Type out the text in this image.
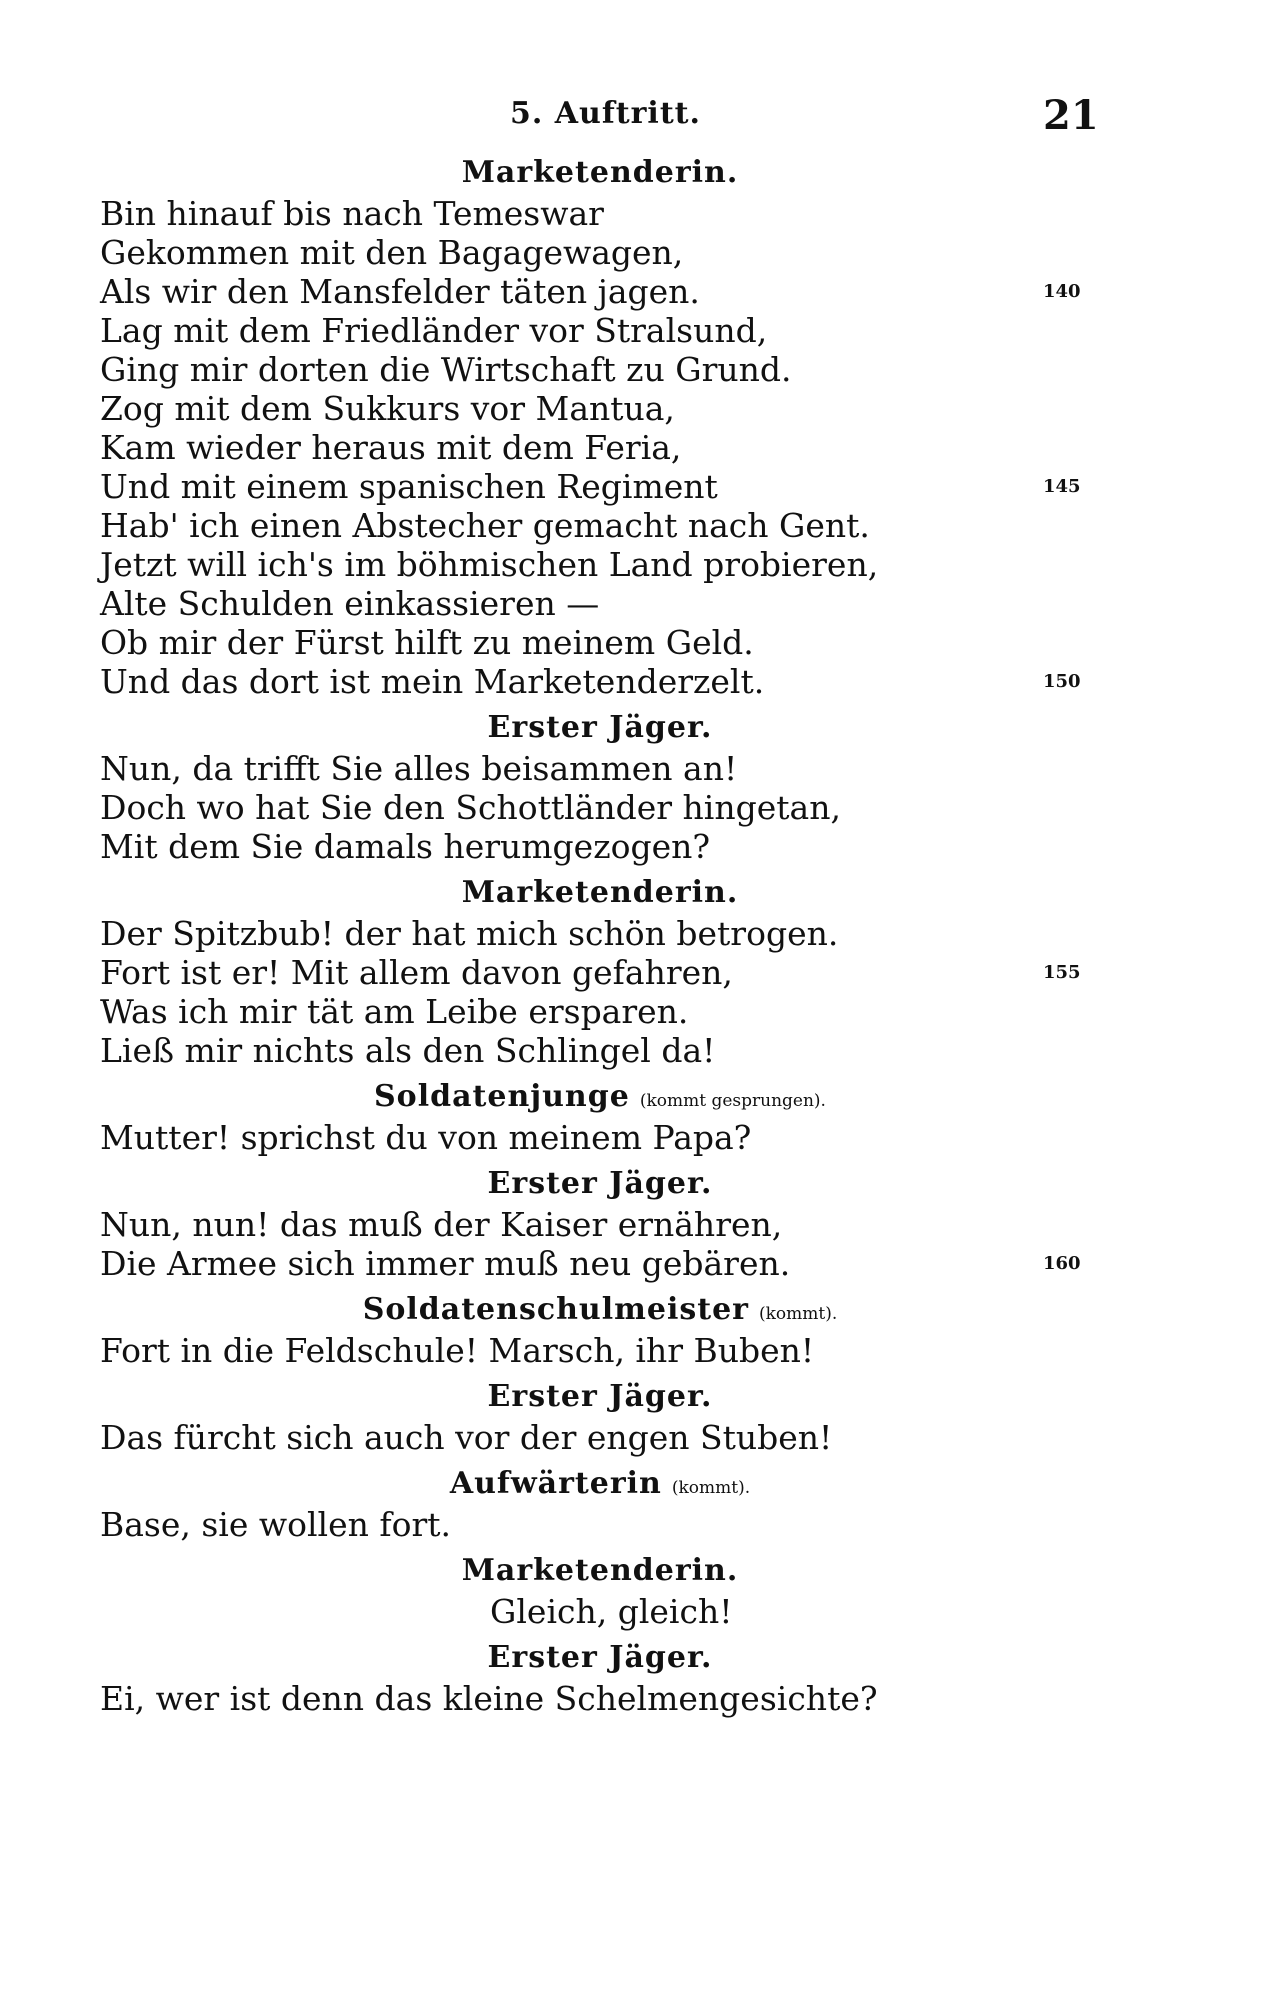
5. Auftritt.	21
Marketenderin.
Bin hinauf bis nach Temeswar
Gekommen mit den Bagagewagen,
Als wir den Mansfelder täten jagen.	140
Lag mit dem Friedländer vor Stralsund,
Ging mir dorten die Wirtschaft zu Grund.
Zog mit dem Sukkurs vor Mantua,
Kam wieder heraus mit dem Feria,
Und mit einem spanischen Regiment	145
Hab' ich einen Abstecher gemacht nach Gent.
Jetzt will ich's im böhmischen Land probieren,
Alte Schulden einkassieren —
Ob mir der Fürst hilft zu meinem Geld.
Und das dort ist mein Marketenderzelt.	150
Erster Jäger.
Nun, da trifft Sie alles beisammen an!
Doch wo hat Sie den Schottländer hingetan,
Mit dem Sie damals herumgezogen?
Marketenderin.
Der Spitzbub! der hat mich schön betrogen.
Fort ist er! Mit allem davon gefahren,	155
Was ich mir tät am Leibe ersparen.
Ließ mir nichts als den Schlingel da!
Soldatenjunge (kommt gesprungen).
Mutter! sprichst du von meinem Papa?
Erster Jäger.
Nun, nun! das muß der Kaiser ernähren,
Die Armee sich immer muß neu gebären.	160
Soldatenschulmeister (kommt).
Fort in die Feldschule! Marsch, ihr Buben!
Erster Jäger.
Das fürcht sich auch vor der engen Stuben!
Aufwärterin (kommt).
Base, sie wollen fort.
Marketenderin.
Gleich, gleich!
Erster Jäger.
Ei, wer ist denn das kleine Schelmengesichte?
